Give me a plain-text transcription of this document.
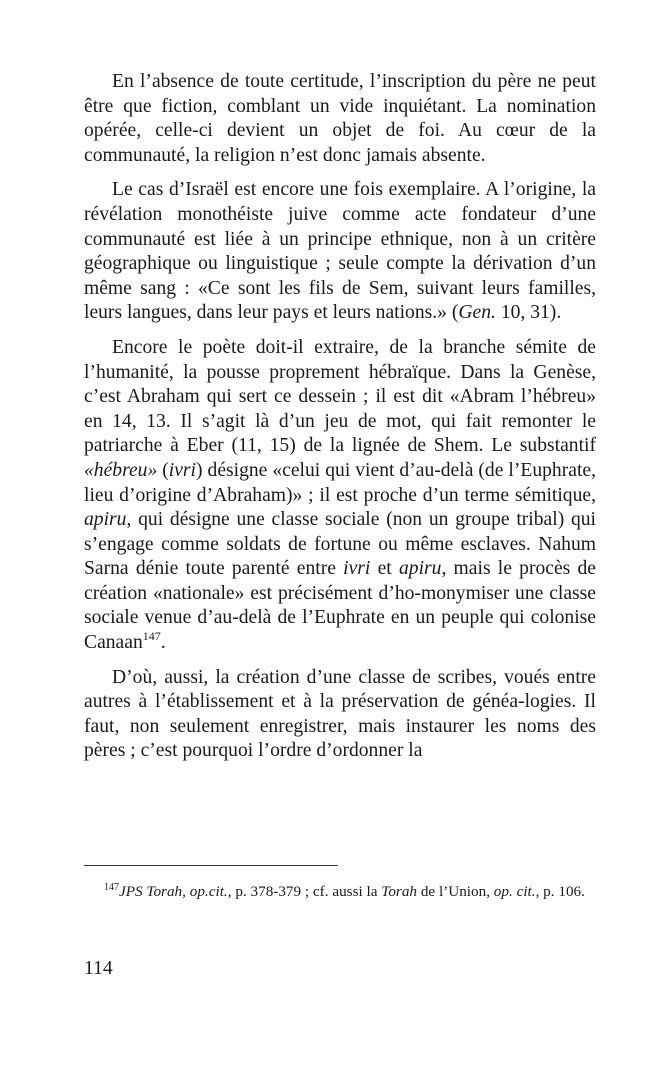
En l’absence de toute certitude, l’inscription du père ne peut être que fiction, comblant un vide inquiétant. La nomination opérée, celle-ci devient un objet de foi. Au cœur de la communauté, la religion n’est donc jamais absente.

Le cas d’Israël est encore une fois exemplaire. A l’origine, la révélation monothéiste juive comme acte fondateur d’une communauté est liée à un principe ethnique, non à un critère géographique ou linguistique ; seule compte la dérivation d’un même sang : «Ce sont les fils de Sem, suivant leurs familles, leurs langues, dans leur pays et leurs nations.» (Gen. 10, 31).

Encore le poète doit-il extraire, de la branche sémite de l’humanité, la pousse proprement hébraïque. Dans la Genèse, c’est Abraham qui sert ce dessein ; il est dit «Abram l’hébreu» en 14, 13. Il s’agit là d’un jeu de mot, qui fait remonter le patriarche à Eber (11, 15) de la lignée de Shem. Le substantif «hébreu» (ivri) désigne «celui qui vient d’au-delà (de l’Euphrate, lieu d’origine d’Abraham)» ; il est proche d’un terme sémitique, apiru, qui désigne une classe sociale (non un groupe tribal) qui s’engage comme soldats de fortune ou même esclaves. Nahum Sarna dénie toute parenté entre ivri et apiru, mais le procès de création «nationale» est précisément d’ho-monymiser une classe sociale venue d’au-delà de l’Euphrate en un peuple qui colonise Canaan$^{147}$.

D’où, aussi, la création d’une classe de scribes, voués entre autres à l’établissement et à la préservation de généa-logies. Il faut, non seulement enregistrer, mais instaurer les noms des pères ; c’est pourquoi l’ordre d’ordonner la

$^{147}$JPS Torah, op.cit., p. 378-379 ; cf. aussi la Torah de l’Union, op. cit., p. 106.

114
